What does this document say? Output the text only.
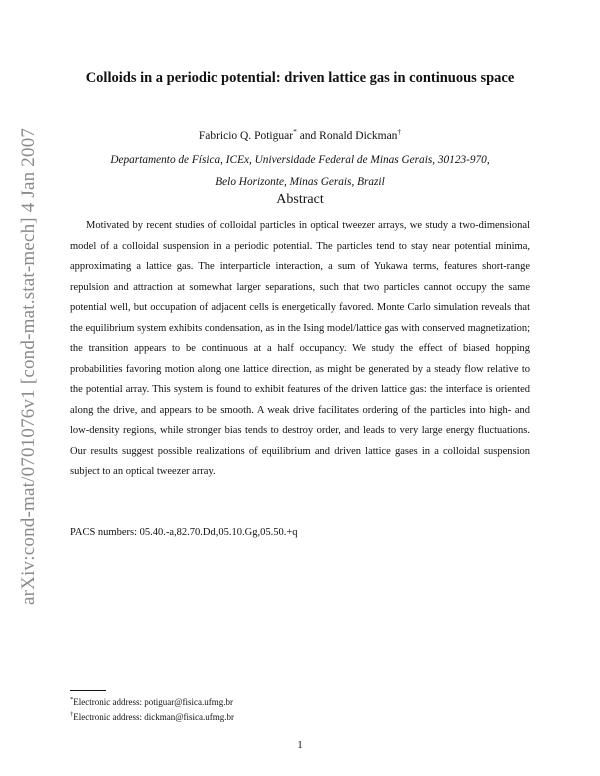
arXiv:cond-mat/0701076v1 [cond-mat.stat-mech] 4 Jan 2007
Colloids in a periodic potential: driven lattice gas in continuous space
Fabricio Q. Potiguar* and Ronald Dickman†
Departamento de Física, ICEx, Universidade Federal de Minas Gerais, 30123-970,
Belo Horizonte, Minas Gerais, Brazil
Abstract

Motivated by recent studies of colloidal particles in optical tweezer arrays, we study a two-dimensional model of a colloidal suspension in a periodic potential. The particles tend to stay near potential minima, approximating a lattice gas. The interparticle interaction, a sum of Yukawa terms, features short-range repulsion and attraction at somewhat larger separations, such that two particles cannot occupy the same potential well, but occupation of adjacent cells is energetically favored. Monte Carlo simulation reveals that the equilibrium system exhibits condensation, as in the Ising model/lattice gas with conserved magnetization; the transition appears to be continuous at a half occupancy. We study the effect of biased hopping probabilities favoring motion along one lattice direction, as might be generated by a steady flow relative to the potential array. This system is found to exhibit features of the driven lattice gas: the interface is oriented along the drive, and appears to be smooth. A weak drive facilitates ordering of the particles into high- and low-density regions, while stronger bias tends to destroy order, and leads to very large energy fluctuations. Our results suggest possible realizations of equilibrium and driven lattice gases in a colloidal suspension subject to an optical tweezer array.

PACS numbers: 05.40.-a,82.70.Dd,05.10.Gg,05.50.+q

*Electronic address: potiguar@fisica.ufmg.br

†Electronic address: dickman@fisica.ufmg.br

1
